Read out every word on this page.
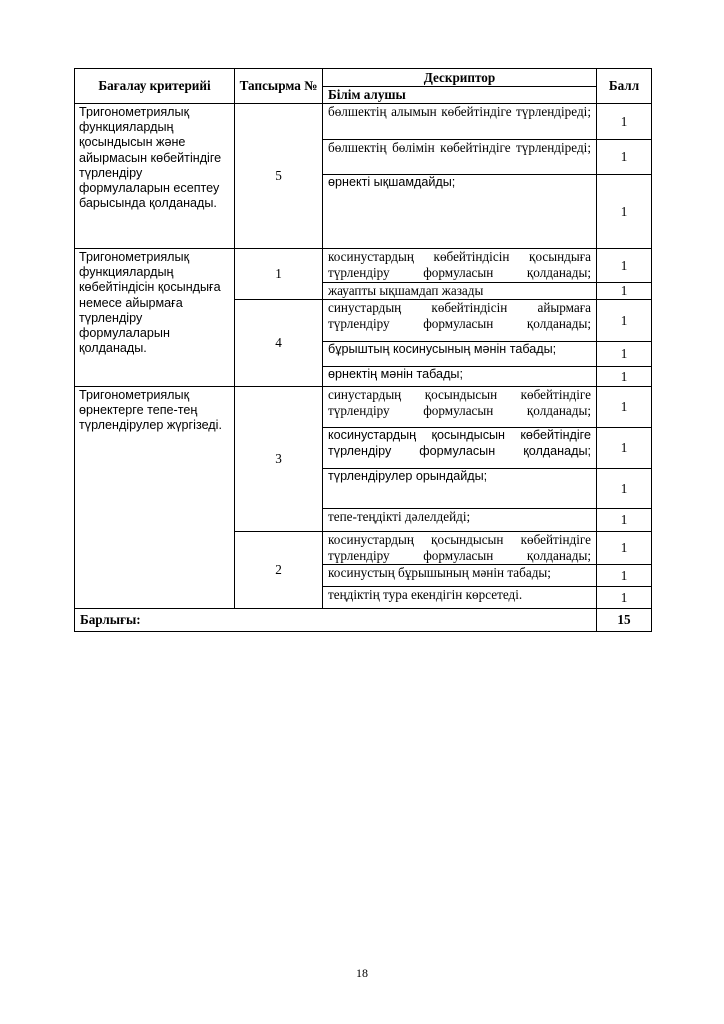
Бағалау критерийі	Тапсырма №	Дескриптор	Балл
		Білім алушы	
Тригонометриялық функциялардың қосындысын және айырмасын көбейтіндіге түрлендіру формулаларын есептеу барысында қолданады.	5	бөлшектің алымын көбейтіндіге түрлендіреді;	1
		бөлшектің бөлімін көбейтіндіге түрлендіреді;	1
		өрнекті ықшамдайды;	1
Тригонометриялық функциялардың көбейтіндісін қосындыға немесе айырмаға түрлендіру формулаларын қолданады.	1	косинустардың көбейтіндісін қосындыға түрлендіру формуласын қолданады;	1
		жауапты ықшамдап жазады	1
	4	синустардың көбейтіндісін айырмаға түрлендіру формуласын қолданады;	1
		бұрыштың косинусының мәнін табады;	1
		өрнектің мәнін табады;	1
Тригонометриялық өрнектерге тепе-тең түрлендірулер жүргізеді.	3	синустардың қосындысын көбейтіндіге түрлендіру формуласын қолданады;	1
		косинустардың қосындысын көбейтіндіге түрлендіру формуласын қолданады;	1
		түрлендірулер орындайды;	1
		тепе-теңдікті дәлелдейді;	1
	2	косинустардың қосындысын көбейтіндіге түрлендіру формуласын қолданады;	1
		косинустың бұрышының мәнін табады;	1
		теңдіктің тура екендігін көрсетеді.	1
Барлығы:			15
18
